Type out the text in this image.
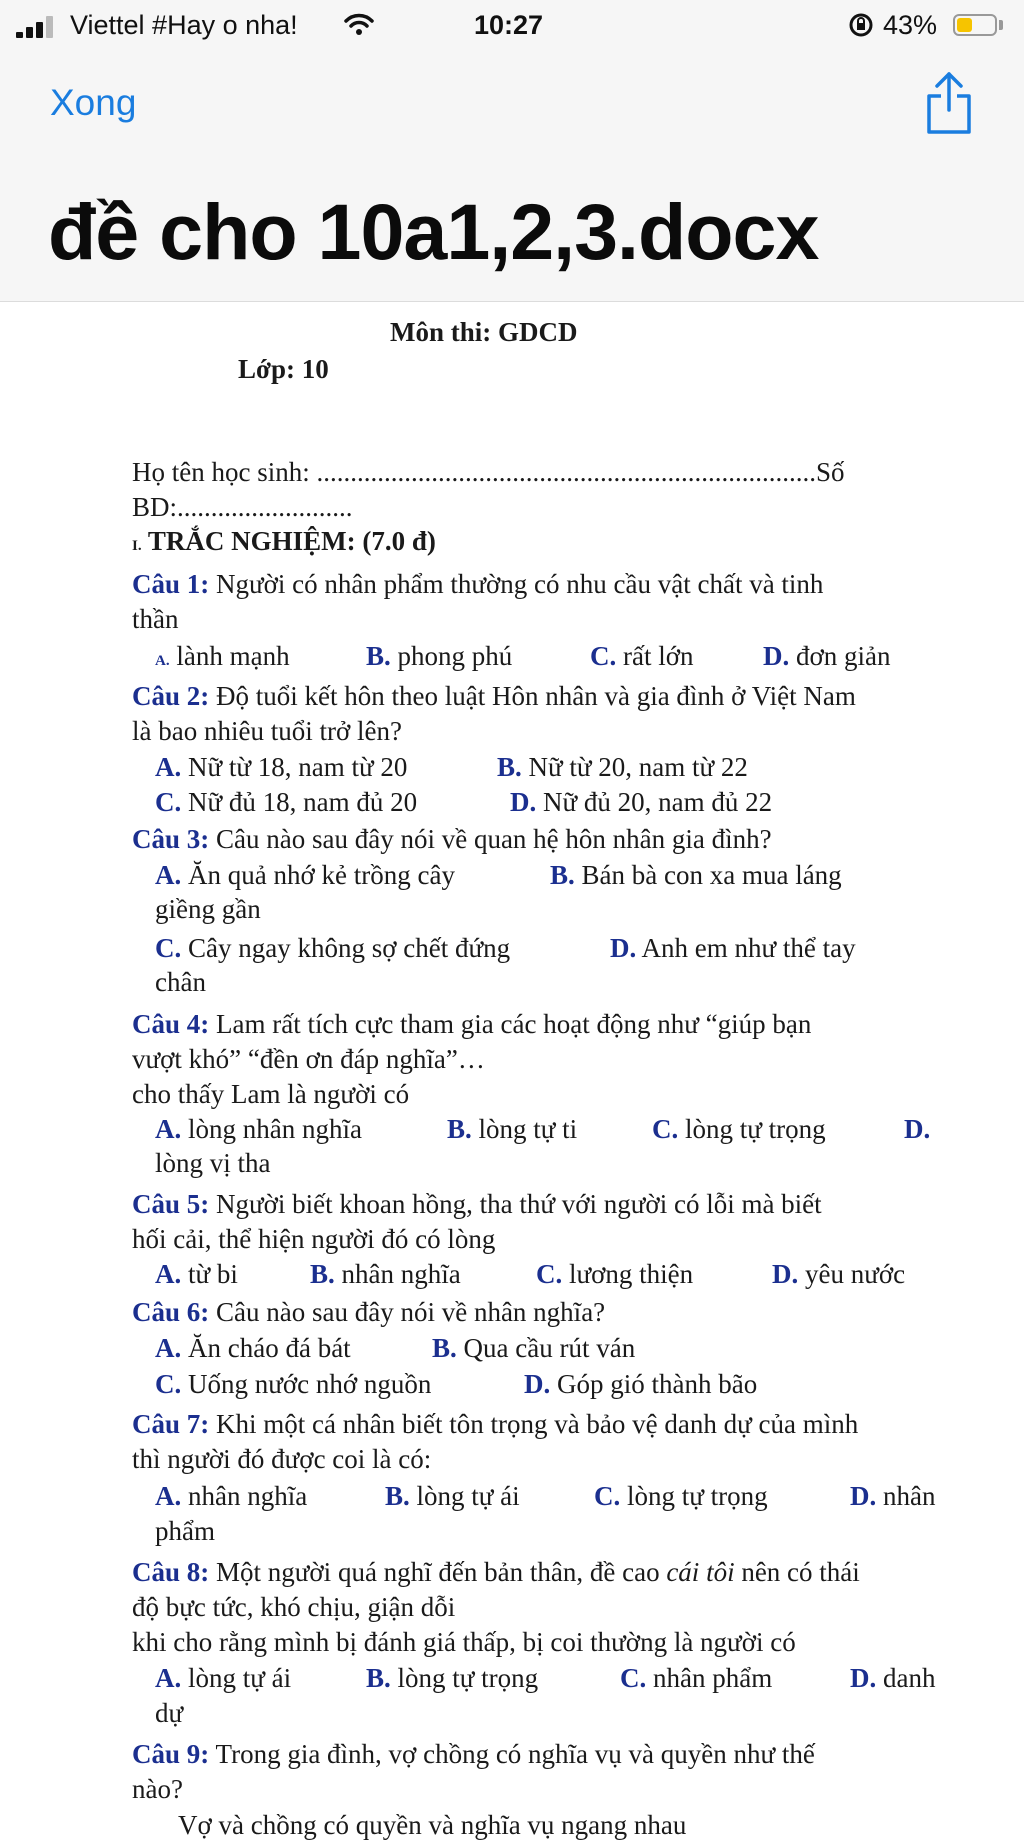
Viettel #Hay o nha!	10:27	43%
Xong
đề cho 10a1,2,3.docx
Môn thi: GDCD
Lớp: 10
Họ tên học sinh: ..........................................................................Số
BD:..........................
I. TRẮC NGHIỆM: (7.0 đ)
Câu 1: Người có nhân phẩm thường có nhu cầu vật chất và tinh
thần
A. lành mạnh	B. phong phú	C. rất lớn	D. đơn giản
Câu 2: Độ tuổi kết hôn theo luật Hôn nhân và gia đình ở Việt Nam
là bao nhiêu tuổi trở lên?
A. Nữ từ 18, nam từ 20	B. Nữ từ 20, nam từ 22
C. Nữ đủ 18, nam đủ 20	D. Nữ đủ 20, nam đủ 22
Câu 3: Câu nào sau đây nói về quan hệ hôn nhân gia đình?
A. Ăn quả nhớ kẻ trồng cây	B. Bán bà con xa mua láng
giềng gần
C. Cây ngay không sợ chết đứng	D. Anh em như thể tay
chân
Câu 4: Lam rất tích cực tham gia các hoạt động như “giúp bạn
vượt khó” “đền ơn đáp nghĩa”…
cho thấy Lam là người có
A. lòng nhân nghĩa	B. lòng tự ti	C. lòng tự trọng	D.
lòng vị tha
Câu 5: Người biết khoan hồng, tha thứ với người có lỗi mà biết
hối cải, thể hiện người đó có lòng
A. từ bi	B. nhân nghĩa	C. lương thiện	D. yêu nước
Câu 6: Câu nào sau đây nói về nhân nghĩa?
A. Ăn cháo đá bát	B. Qua cầu rút ván
C. Uống nước nhớ nguồn	D. Góp gió thành bão
Câu 7: Khi một cá nhân biết tôn trọng và bảo vệ danh dự của mình
thì người đó được coi là có:
A. nhân nghĩa	B. lòng tự ái	C. lòng tự trọng	D. nhân
phẩm
Câu 8: Một người quá nghĩ đến bản thân, đề cao cái tôi nên có thái
độ bực tức, khó chịu, giận dỗi
khi cho rằng mình bị đánh giá thấp, bị coi thường là người có
A. lòng tự ái	B. lòng tự trọng	C. nhân phẩm	D. danh
dự
Câu 9: Trong gia đình, vợ chồng có nghĩa vụ và quyền như thế
nào?
Vợ và chồng có quyền và nghĩa vụ ngang nhau
